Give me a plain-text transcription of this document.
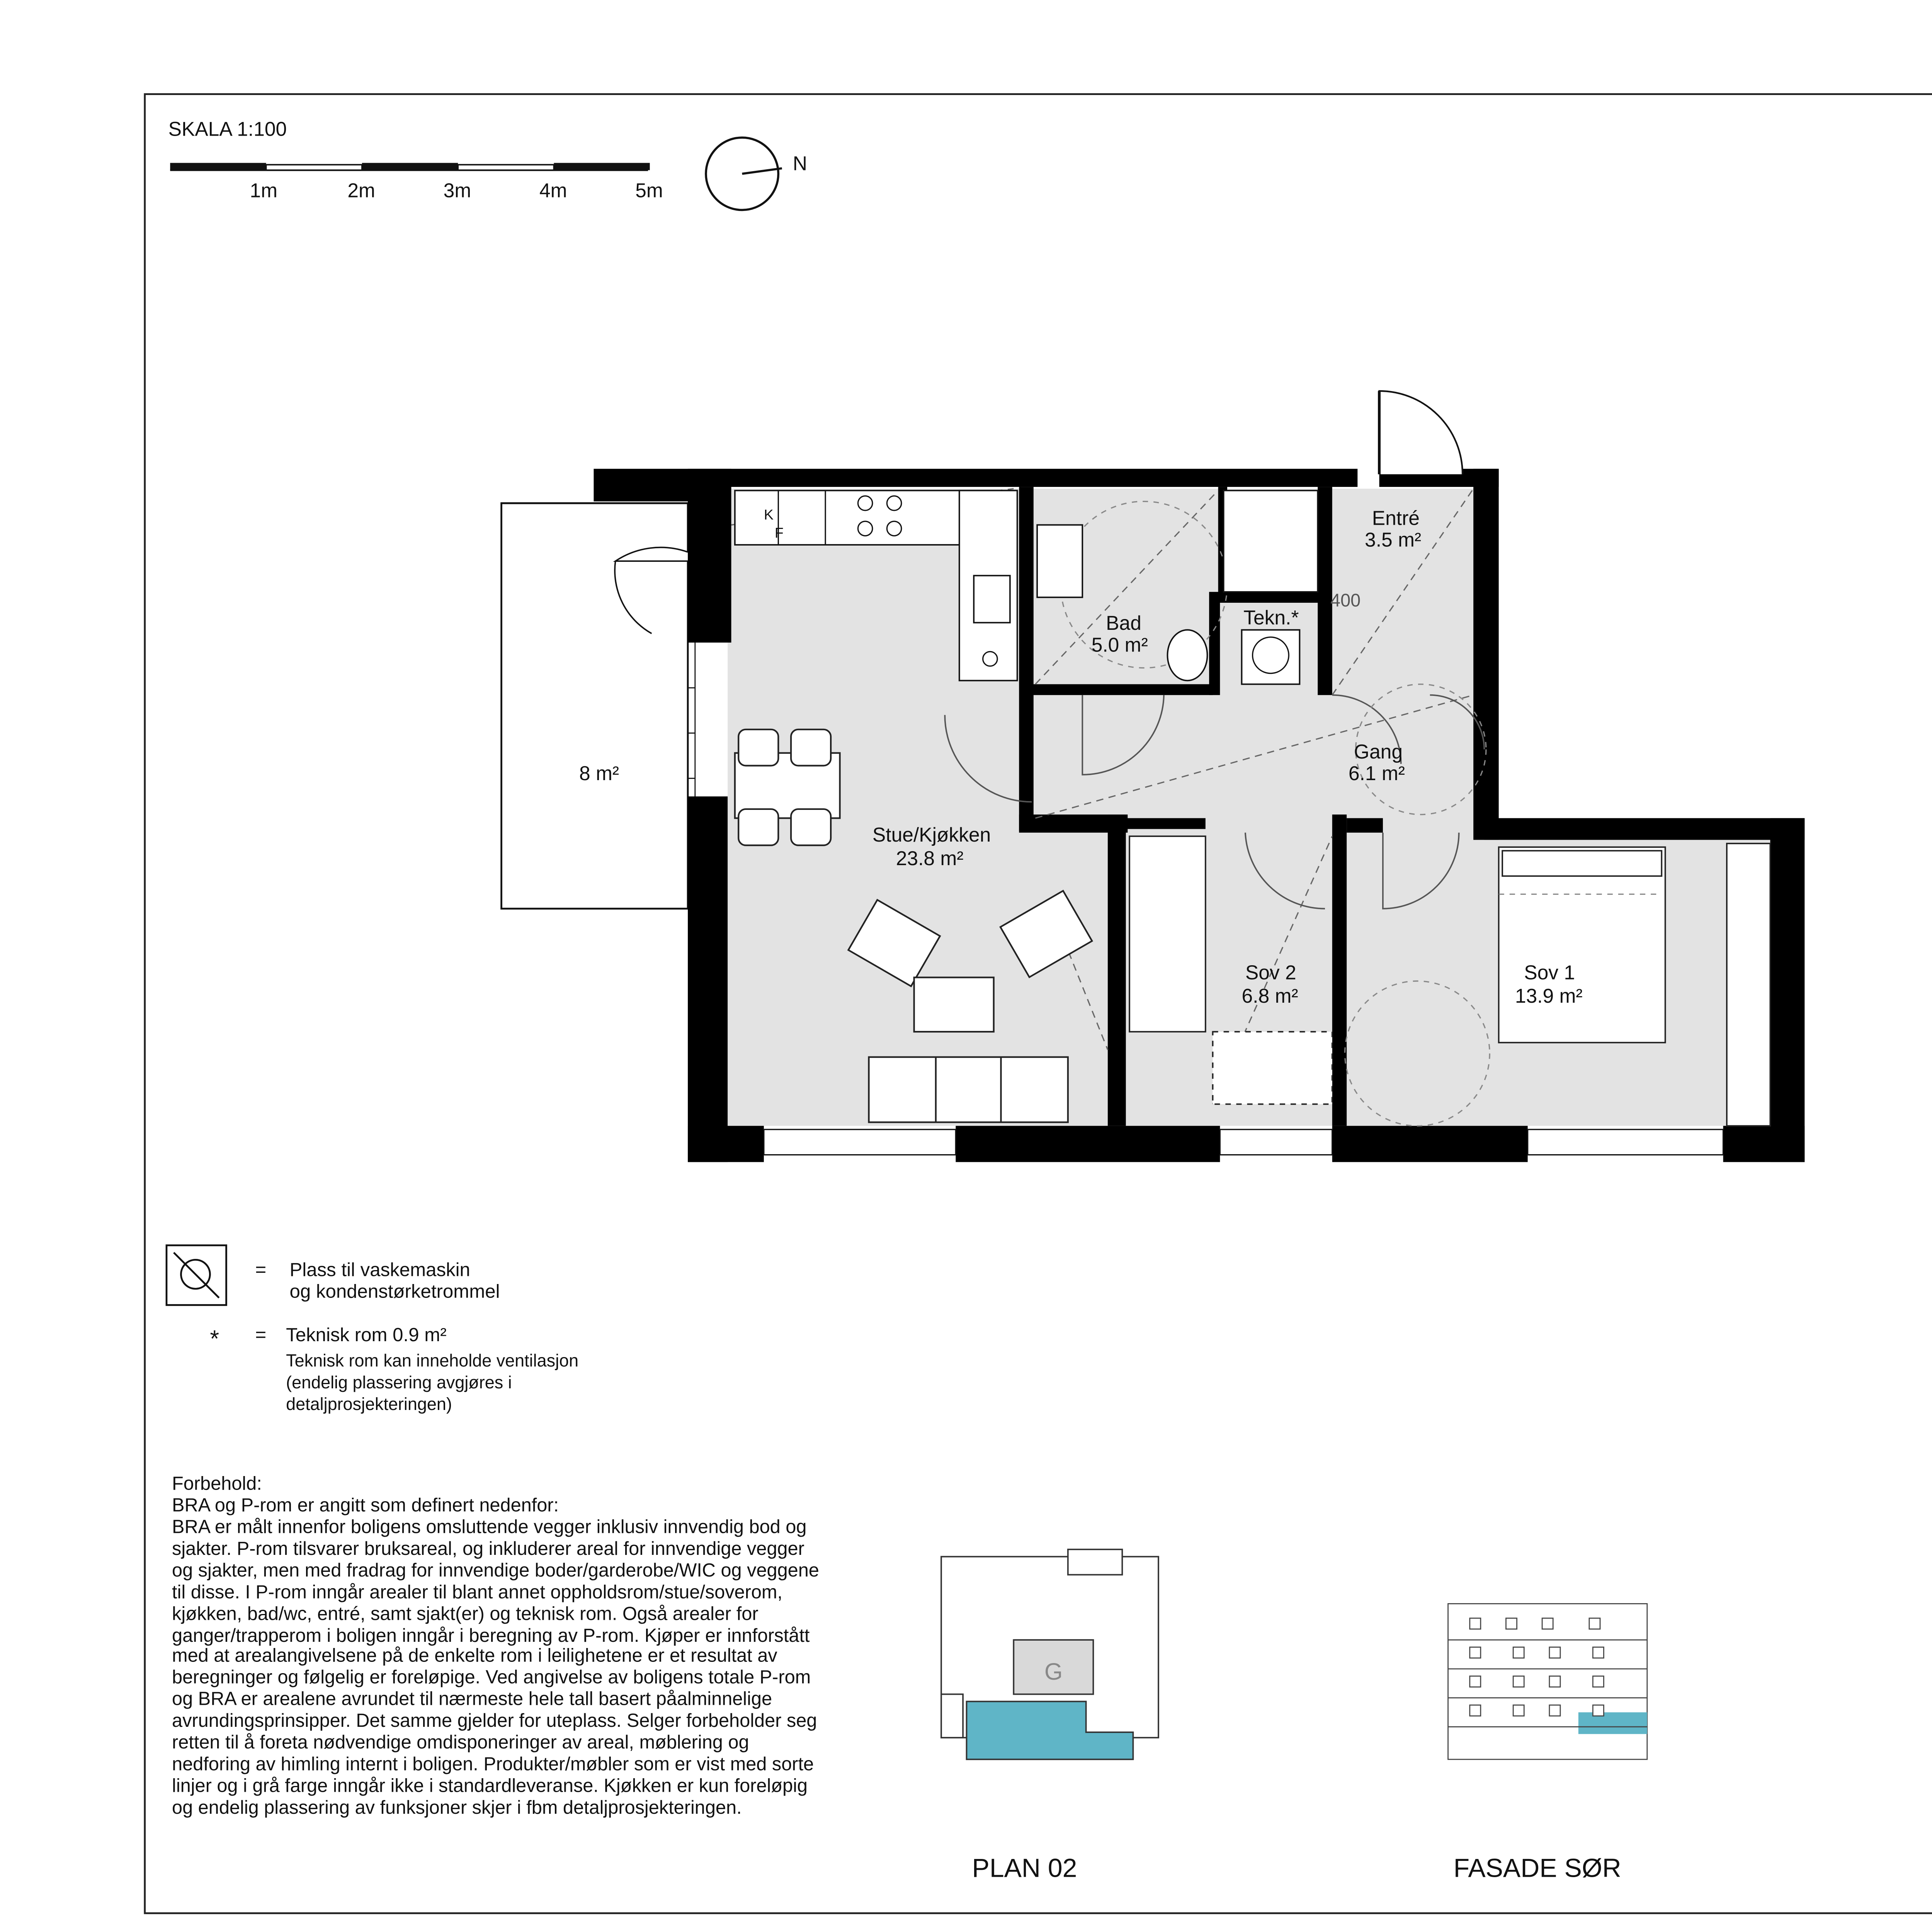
SKALA 1:100
1m	2m	3m	4m	5m
N
Entré
3.5 m²
Bad
5.0 m²
Tekn.*
Gang
6.1 m²
Stue/Kjøkken
23.8 m²
Sov 2
6.8 m²
Sov 1
13.9 m²
8 m²
400
K
F
=	Plass til vaskemaskin
og kondenstørketrommel
*	=	Teknisk rom 0.9 m²
Teknisk rom kan inneholde ventilasjon
(endelig plassering avgjøres i
detaljprosjekteringen)
Forbehold:
BRA og P-rom er angitt som definert nedenfor:
BRA er målt innenfor boligens omsluttende vegger inklusiv innvendig bod og sjakter. P-rom tilsvarer bruksareal, og inkluderer areal for innvendige vegger og sjakter, men med fradrag for innvendige boder/garderobe/WIC og veggene til disse. I P-rom inngår arealer til blant annet oppholdsrom/stue/soverom, kjøkken, bad/wc, entré, samt sjakt(er) og teknisk rom. Også arealer for ganger/trapperom i boligen inngår i beregning av P-rom. Kjøper er innforstått med at arealangivelsene på de enkelte rom i leilighetene er et resultat av beregninger og følgelig er foreløpige. Ved angivelse av boligens totale P-rom og BRA er arealene avrundet til nærmeste hele tall basert påalminnelige avrundingsprinsipper. Det samme gjelder for uteplass. Selger forbeholder seg retten til å foreta nødvendige omdisponeringer av areal, møblering og nedforing av himling internt i boligen. Produkter/møbler som er vist med sorte linjer og i grå farge inngår ikke i standardleveranse. Kjøkken er kun foreløpig og endelig plassering av funksjoner skjer i fbm detaljprosjekteringen.
G
PLAN 02	FASADE SØR
